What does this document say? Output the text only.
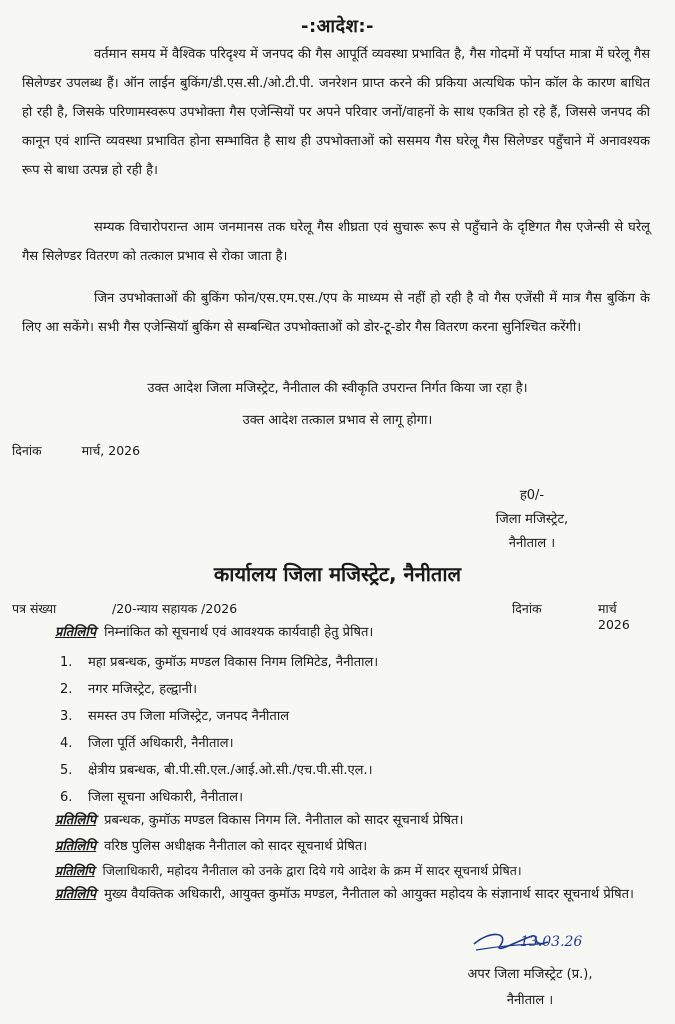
-:आदेश:-

वर्तमान समय में वैश्विक परिदृश्य में जनपद की गैस आपूर्ति व्यवस्था प्रभावित है, गैस गोदमों में पर्याप्त मात्रा में घरेलू गैस सिलेण्डर उपलब्ध हैं। ऑन लाईन बुकिंग/डी.एस.सी./ओ.टी.पी. जनरेशन प्राप्त करने की प्रकिया अत्यधिक फोन कॉल के कारण बाधित हो रही है, जिसके परिणामस्वरूप उपभोक्ता गैस एजेन्सियों पर अपने परिवार जनों/वाहनों के साथ एकत्रित हो रहे हैं, जिससे जनपद की कानून एवं शान्ति व्यवस्था प्रभावित होना सम्भावित है साथ ही उपभोक्ताओं को ससमय गैस घरेलू गैस सिलेण्डर पहुँचाने में अनावश्यक रूप से बाधा उत्पन्न हो रही है।

सम्यक विचारोपरान्त आम जनमानस तक घरेलू गैस शीघ्रता एवं सुचारू रूप से पहुँचाने के दृष्टिगत गैस एजेन्सी से घरेलू गैस सिलेण्डर वितरण को तत्काल प्रभाव से रोका जाता है।

जिन उपभोक्ताओं की बुकिंग फोन/एस.एम.एस./एप के माध्यम से नहीं हो रही है वो गैस एजेंसी में मात्र गैस बुकिंग के लिए आ सकेंगे। सभी गैस एजेन्सियॉ बुकिंग से सम्बन्धित उपभोक्ताओं को डोर-टू-डोर गैस वितरण करना सुनिश्चित करेंगी।

उक्त आदेश जिला मजिस्ट्रेट, नैनीताल की स्वीकृति उपरान्त निर्गत किया जा रहा है।
उक्त आदेश तत्काल प्रभाव से लागू होगा।
दिनांक	मार्च, 2026
ह0/-
जिला मजिस्ट्रेट,
नैनीताल ।
कार्यालय जिला मजिस्ट्रेट, नैनीताल
पत्र संख्या	/20-न्याय सहायक /2026	दिनांक	मार्च 2026
प्रतिलिपि निम्नांकित को सूचनार्थ एवं आवश्यक कार्यवाही हेतु प्रेषित।
1. महा प्रबन्धक, कुमॉऊ मण्डल विकास निगम लिमिटेड, नैनीताल।
2. नगर मजिस्ट्रेट, हल्द्वानी।
3. समस्त उप जिला मजिस्ट्रेट, जनपद नैनीताल
4. जिला पूर्ति अधिकारी, नैनीताल।
5. क्षेत्रीय प्रबन्धक, बी.पी.सी.एल./आई.ओ.सी./एच.पी.सी.एल.।
6. जिला सूचना अधिकारी, नैनीताल।
प्रतिलिपि प्रबन्धक, कुमॉऊ मण्डल विकास निगम लि. नैनीताल को सादर सूचनार्थ प्रेषित।
प्रतिलिपि वरिष्ठ पुलिस अधीक्षक नैनीताल को सादर सूचनार्थ प्रेषित।
प्रतिलिपि जिलाधिकारी, महोदय नैनीताल को उनके द्वारा दिये गये आदेश के क्रम में सादर सूचनार्थ प्रेषित।
प्रतिलिपि मुख्य वैयक्तिक अधिकारी, आयुक्त कुमॉऊ मण्डल, नैनीताल को आयुक्त महोदय के संज्ञानार्थ सादर सूचनार्थ प्रेषित।
13.03.26
अपर जिला मजिस्ट्रेट (प्र.),
नैनीताल ।
